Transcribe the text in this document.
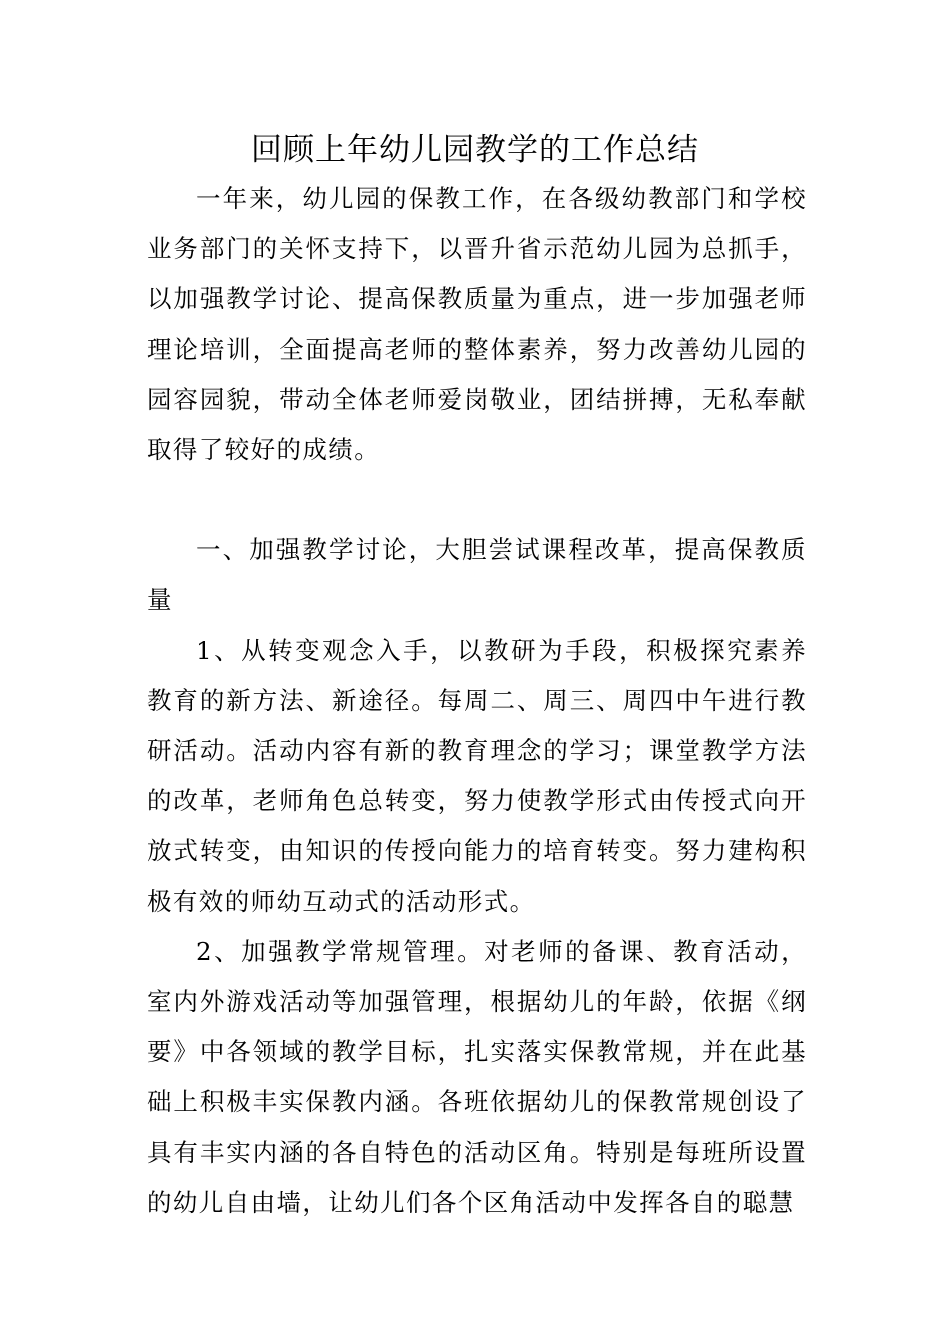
回顾上年幼儿园教学的工作总结

一年来，幼儿园的保教工作，在各级幼教部门和学校业务部门的关怀支持下，以晋升省示范幼儿园为总抓手，以加强教学讨论、提高保教质量为重点，进一步加强老师理论培训，全面提高老师的整体素养，努力改善幼儿园的园容园貌，带动全体老师爱岗敬业，团结拼搏，无私奉献取得了较好的成绩。

一、加强教学讨论，大胆尝试课程改革，提高保教质量

1、从转变观念入手，以教研为手段，积极探究素养教育的新方法、新途径。每周二、周三、周四中午进行教研活动。活动内容有新的教育理念的学习；课堂教学方法的改革，老师角色总转变，努力使教学形式由传授式向开放式转变，由知识的传授向能力的培育转变。努力建构积极有效的师幼互动式的活动形式。

2、加强教学常规管理。对老师的备课、教育活动，室内外游戏活动等加强管理，根据幼儿的年龄，依据《纲要》中各领域的教学目标，扎实落实保教常规，并在此基础上积极丰实保教内涵。各班依据幼儿的保教常规创设了具有丰实内涵的各自特色的活动区角。特别是每班所设置的幼儿自由墙，让幼儿们各个区角活动中发挥各自的聪慧
